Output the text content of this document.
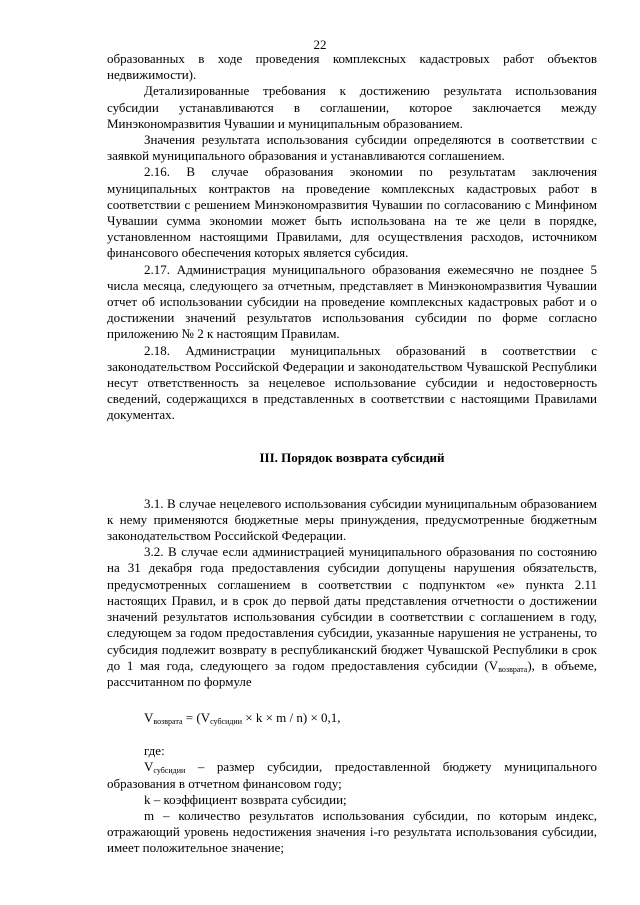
22

образованных в ходе проведения комплексных кадастровых работ объектов недвижимости).

Детализированные требования к достижению результата использования субсидии устанавливаются в соглашении, которое заключается между Минэкономразвития Чувашии и муниципальным образованием.

Значения результата использования субсидии определяются в соответствии с заявкой муниципального образования и устанавливаются соглашением.

2.16. В случае образования экономии по результатам заключения муниципальных контрактов на проведение комплексных кадастровых работ в соответствии с решением Минэкономразвития Чувашии по согласованию с Минфином Чувашии сумма экономии может быть использована на те же цели в порядке, установленном настоящими Правилами, для осуществления расходов, источником финансового обеспечения которых является субсидия.

2.17. Администрация муниципального образования ежемесячно не позднее 5 числа месяца, следующего за отчетным, представляет в Минэкономразвития Чувашии отчет об использовании субсидии на проведение комплексных кадастровых работ и о достижении значений результатов использования субсидии по форме согласно приложению № 2 к настоящим Правилам.

2.18. Администрации муниципальных образований в соответствии с законодательством Российской Федерации и законодательством Чувашской Республики несут ответственность за нецелевое использование субсидии и недостоверность сведений, содержащихся в представленных в соответствии с настоящими Правилами документах.

III. Порядок возврата субсидий

3.1. В случае нецелевого использования субсидии муниципальным образованием к нему применяются бюджетные меры принуждения, предусмотренные бюджетным законодательством Российской Федерации.

3.2. В случае если администрацией муниципального образования по состоянию на 31 декабря года предоставления субсидии допущены нарушения обязательств, предусмотренных соглашением в соответствии с подпунктом «е» пункта 2.11 настоящих Правил, и в срок до первой даты представления отчетности о достижении значений результатов использования субсидии в соответствии с соглашением в году, следующем за годом предоставления субсидии, указанные нарушения не устранены, то субсидия подлежит возврату в республиканский бюджет Чувашской Республики в срок до 1 мая года, следующего за годом предоставления субсидии $(V_{возврата})$, в объеме, рассчитанном по формуле

$V_{возврата} = (V_{субсидии} \times k \times m / n) \times 0,1$,

где:

$V_{субсидии}$ – размер субсидии, предоставленной бюджету муниципального образования в отчетном финансовом году;

k – коэффициент возврата субсидии;

m – количество результатов использования субсидии, по которым индекс, отражающий уровень недостижения значения i-го результата использования субсидии, имеет положительное значение;
